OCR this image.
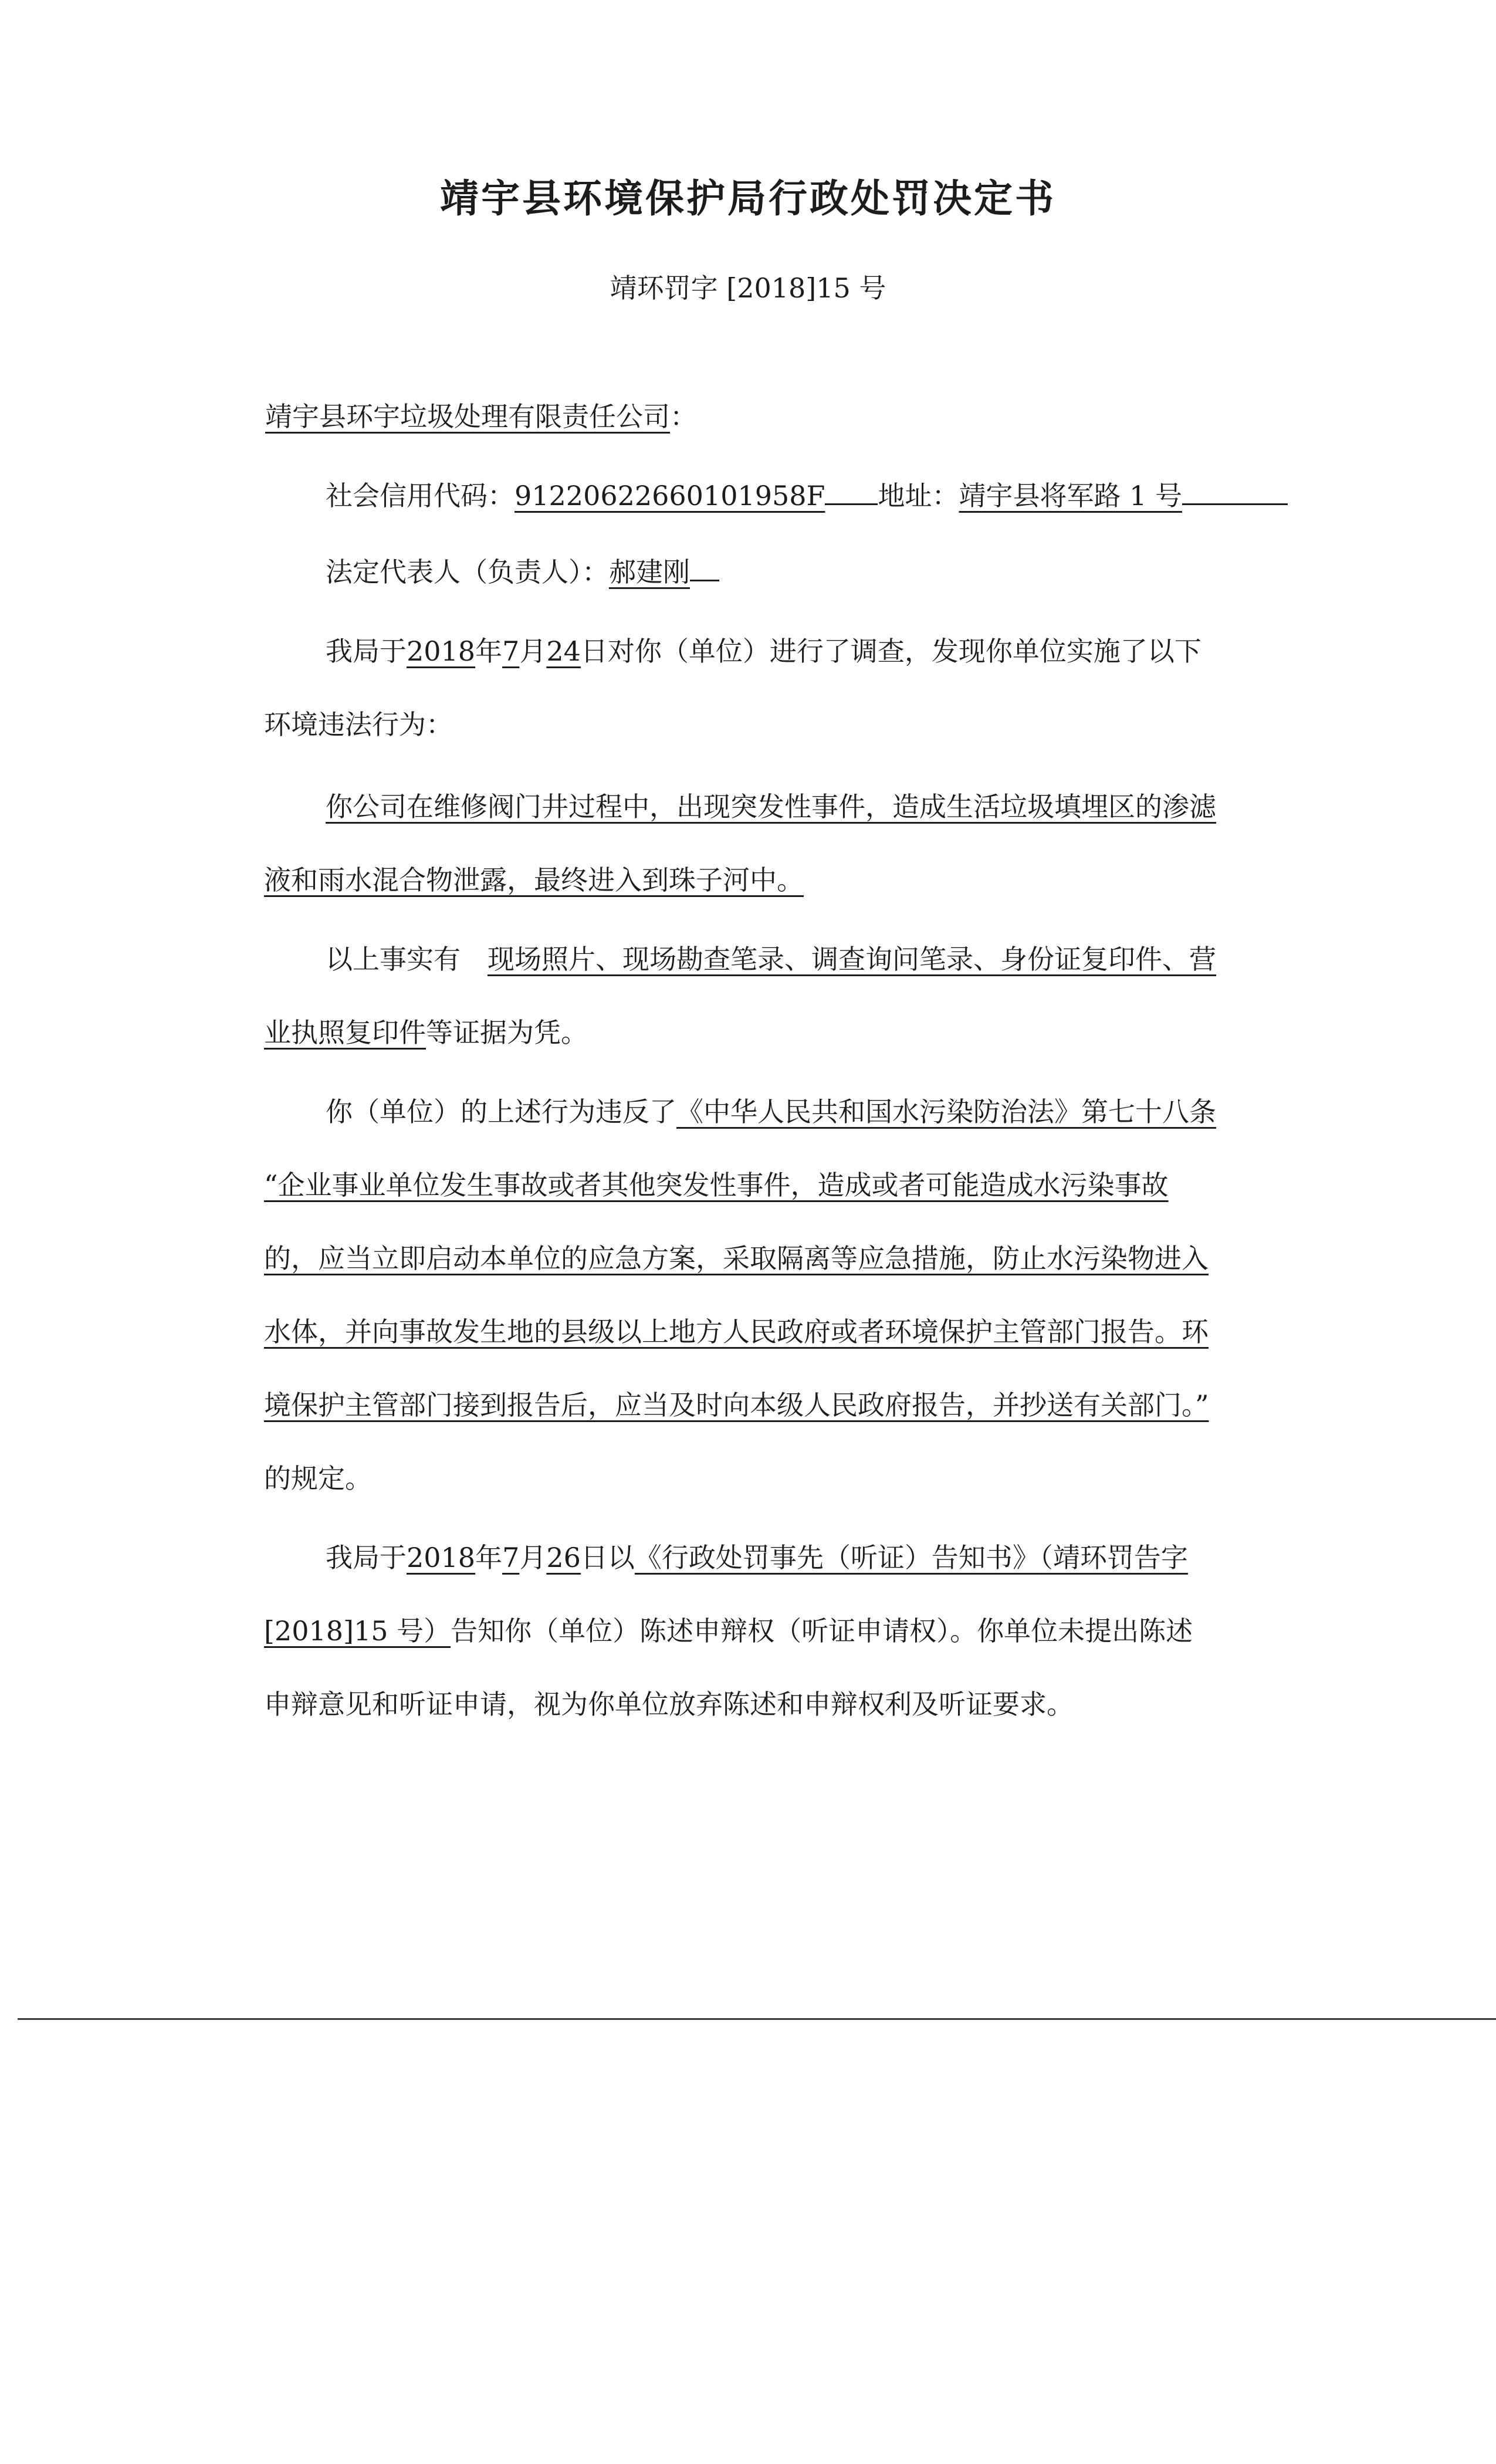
靖宇县环境保护局行政处罚决定书
靖环罚字 [2018]15 号
靖宇县环宇垃圾处理有限责任公司：
社会信用代码：91220622660101958F 地址：靖宇县将军路 1 号
法定代表人（负责人）：郝建刚
我局于2018年7月24日对你（单位）进行了调查，发现你单位实施了以下
环境违法行为：
你公司在维修阀门井过程中，出现突发性事件，造成生活垃圾填埋区的渗滤
液和雨水混合物泄露，最终进入到珠子河中。
以上事实有　 现场照片、现场勘查笔录、调查询问笔录、身份证复印件、营
业执照复印件等证据为凭。
你（单位）的上述行为违反了《中华人民共和国水污染防治法》第七十八条
“企业事业单位发生事故或者其他突发性事件，造成或者可能造成水污染事故
的，应当立即启动本单位的应急方案，采取隔离等应急措施，防止水污染物进入
水体，并向事故发生地的县级以上地方人民政府或者环境保护主管部门报告。环
境保护主管部门接到报告后，应当及时向本级人民政府报告，并抄送有关部门。”
的规定。
我局于2018年7月26日以《行政处罚事先（听证）告知书》（靖环罚告字
[2018]15 号）告知你（单位）陈述申辩权（听证申请权）。你单位未提出陈述
申辩意见和听证申请，视为你单位放弃陈述和申辩权利及听证要求。
